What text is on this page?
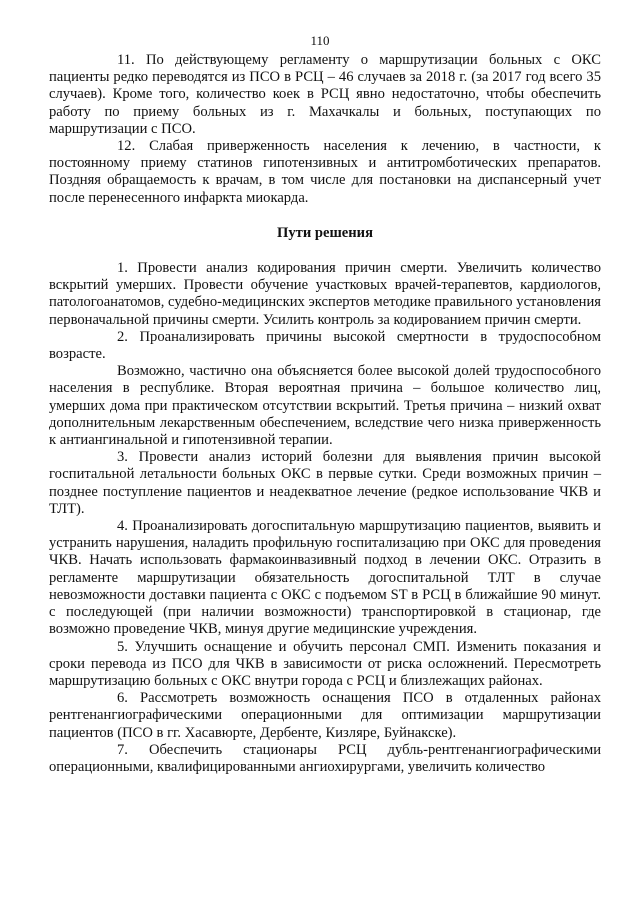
110

11. По действующему регламенту о маршрутизации больных с ОКС пациенты редко переводятся из ПСО в РСЦ – 46 случаев за 2018 г. (за 2017 год всего 35 случаев). Кроме того, количество коек в РСЦ явно недостаточно, чтобы обеспечить работу по приему больных из г. Махачкалы и больных, поступающих по маршрутизации с ПСО.

12. Слабая приверженность населения к лечению, в частности, к постоянному приему статинов гипотензивных и антитромботических препаратов. Поздняя обращаемость к врачам, в том числе для постановки на диспансерный учет после перенесенного инфаркта миокарда.

Пути решения

1. Провести анализ кодирования причин смерти. Увеличить количество вскрытий умерших. Провести обучение участковых врачей-терапевтов, кардиологов, патологоанатомов, судебно-медицинских экспертов методике правильного установления первоначальной причины смерти. Усилить контроль за кодированием причин смерти.

2. Проанализировать причины высокой смертности в трудоспособном возрасте.

Возможно, частично она объясняется более высокой долей трудоспособного населения в республике. Вторая вероятная причина – большое количество лиц, умерших дома при практическом отсутствии вскрытий. Третья причина – низкий охват дополнительным лекарственным обеспечением, вследствие чего низка приверженность к антиангинальной и гипотензивной терапии.

3. Провести анализ историй болезни для выявления причин высокой госпитальной летальности больных ОКС в первые сутки. Среди возможных причин – позднее поступление пациентов и неадекватное лечение (редкое использование ЧКВ и ТЛТ).

4. Проанализировать догоспитальную маршрутизацию пациентов, выявить и устранить нарушения, наладить профильную госпитализацию при ОКС для проведения ЧКВ. Начать использовать фармакоинвазивный подход в лечении ОКС. Отразить в регламенте маршрутизации обязательность догоспитальной ТЛТ в случае невозможности доставки пациента с ОКС с подъемом ST в РСЦ в ближайшие 90 минут. с последующей (при наличии возможности) транспортировкой в стационар, где возможно проведение ЧКВ, минуя другие медицинские учреждения.

5. Улучшить оснащение и обучить персонал СМП. Изменить показания и сроки перевода из ПСО для ЧКВ в зависимости от риска осложнений. Пересмотреть маршрутизацию больных с ОКС внутри города с РСЦ и близлежащих районах.

6. Рассмотреть возможность оснащения ПСО в отдаленных районах рентгенангиографическими операционными для оптимизации маршрутизации пациентов (ПСО в гг. Хасавюрте, Дербенте, Кизляре, Буйнакске).

7. Обеспечить стационары РСЦ дубль-рентгенангиографическими операционными, квалифицированными ангиохирургами, увеличить количество
